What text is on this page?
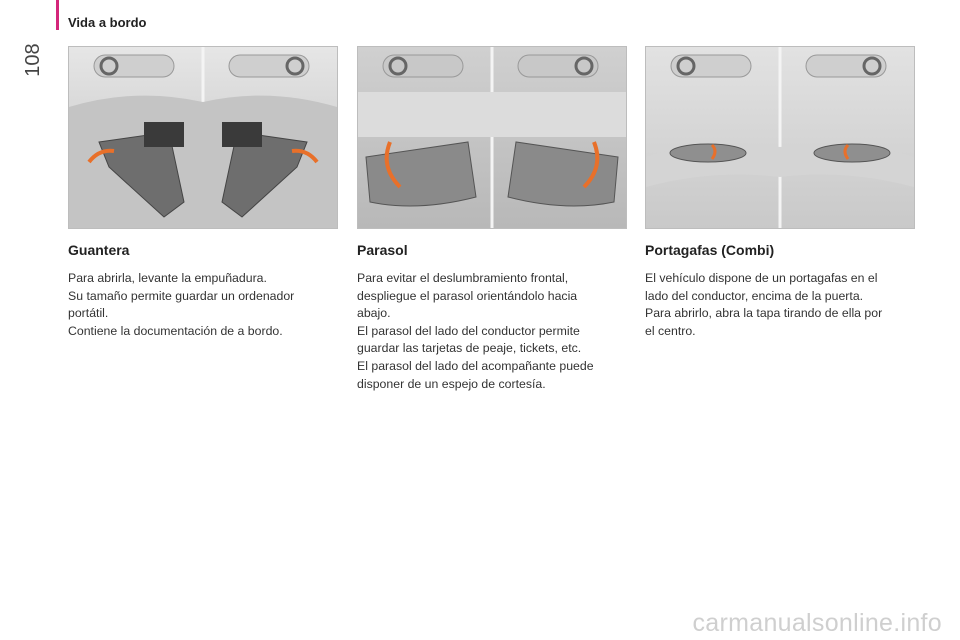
108
Vida a bordo
Guantera

Para abrirla, levante la empuñadura.
Su tamaño permite guardar un ordenador
portátil.
Contiene la documentación de a bordo.

Parasol

Para evitar el deslumbramiento frontal,
despliegue el parasol orientándolo hacia
abajo.
El parasol del lado del conductor permite
guardar las tarjetas de peaje, tickets, etc.
El parasol del lado del acompañante puede
disponer de un espejo de cortesía.

Portagafas (Combi)

El vehículo dispone de un portagafas en el
lado del conductor, encima de la puerta.
Para abrirlo, abra la tapa tirando de ella por
el centro.

carmanualsonline.info
